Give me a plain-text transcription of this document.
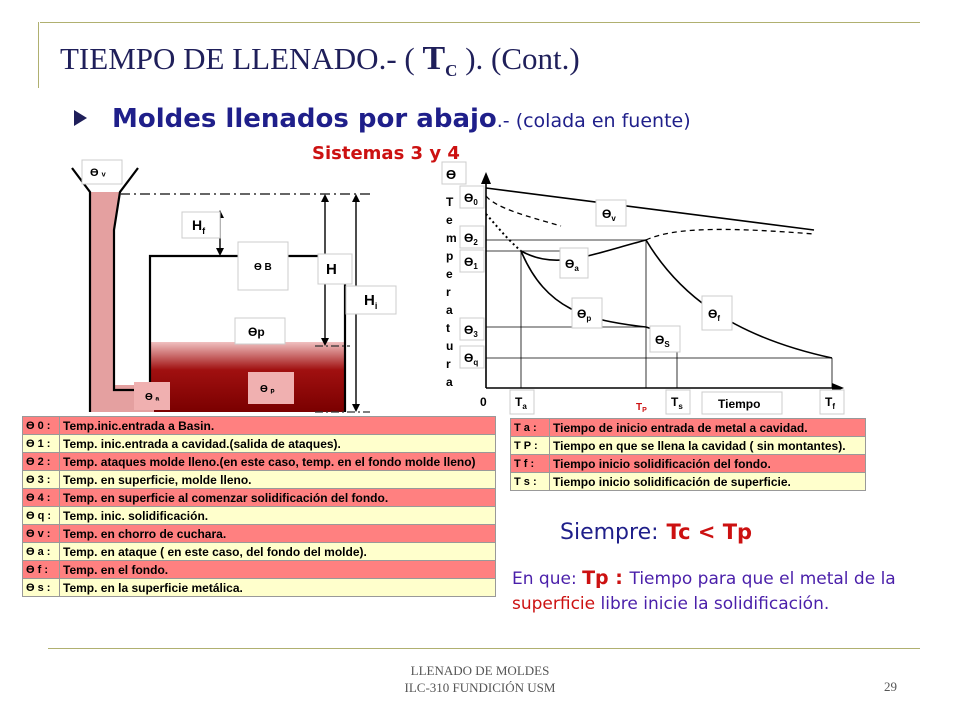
TIEMPO DE LLENADO.- ( $T_C$ ). (Cont.)
Moldes llenados por abajo.- (colada en fuente)
Ɵ ᵥ
$H_f$
Ɵ B	H
$H_i$
Ɵp
Ɵ ₐ
Ɵ ₚ
T
e
m
p
e
r
a
t
u
r
a
Ɵ
$Ɵ_0$
$Ɵ_2$
$Ɵ_1$
$Ɵ_3$
$Ɵ_q$
$Ɵ_v$
$Ɵ_a$
$Ɵ_p$	$Ɵ_f$
$Ɵ_S$
0 $T_a$	$T_P$
$T_s$	Tiempo	$T_f$
Sistemas 3 y 4
Ɵ 0 :	Temp.inic.entrada a Basin.
Ɵ 1 :	Temp. inic.entrada a cavidad.(salida de ataques).
Ɵ 2 :	Temp. ataques molde lleno.(en este caso, temp. en el fondo molde lleno)
Ɵ 3 :	Temp. en superficie, molde lleno.
Ɵ 4 :	Temp. en superficie al comenzar solidificación del fondo.
Ɵ q :	Temp. inic. solidificación.
Ɵ v :	Temp. en chorro de cuchara.
Ɵ a :	Temp. en ataque ( en este caso, del fondo del molde).
Ɵ f :	Temp. en el fondo.
Ɵ s :	Temp. en la superficie metálica.
T a :	Tiempo de inicio entrada de metal a cavidad.
T P :	Tiempo en que se llena la cavidad ( sin montantes).
T f :	Tiempo inicio solidificación del fondo.
T s :	Tiempo inicio solidificación de superficie.
Siempre: Tc < Tp
En que: Tp : Tiempo para que el metal de la superficie libre inicie la solidificación.
LLENADO DE MOLDES
ILC-310 FUNDICIÓN USM	29
